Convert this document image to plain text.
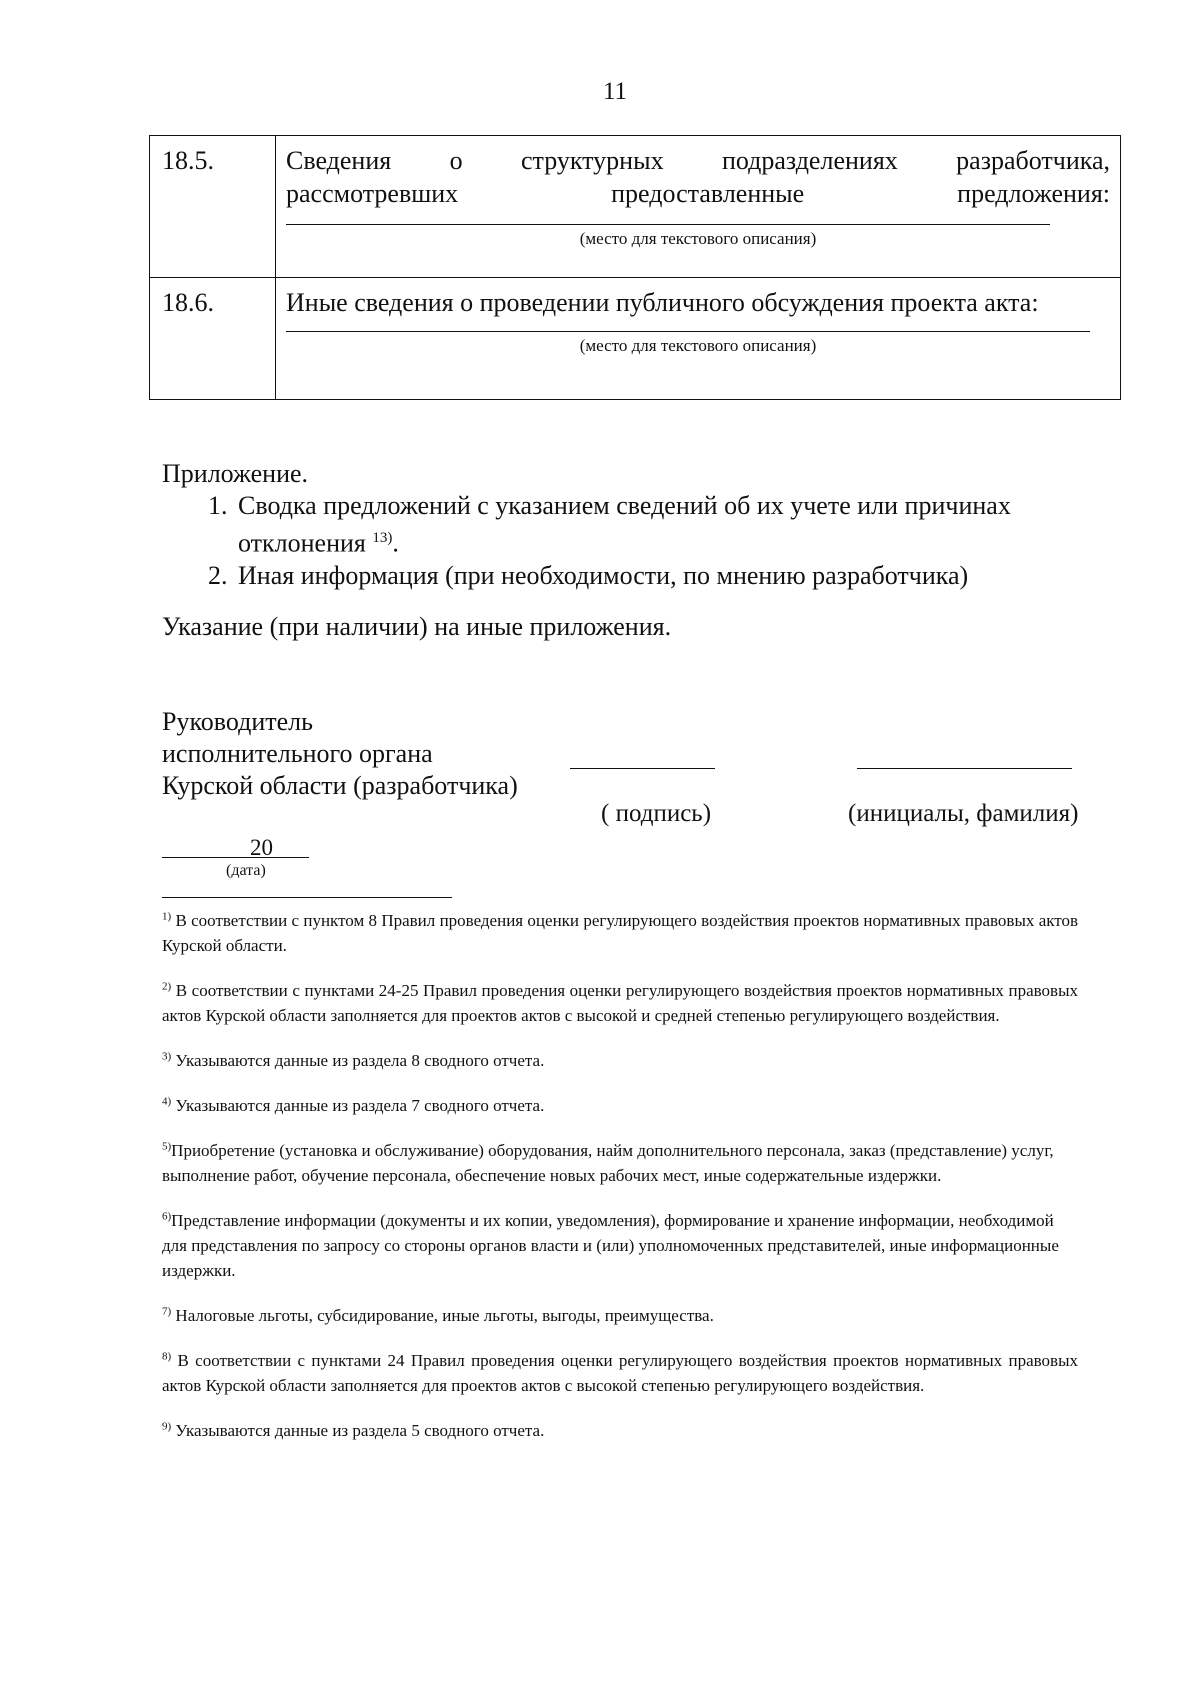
11
18.5.	Сведения о структурных подразделениях разработчика,
рассмотревших предоставленные предложения:
(место для текстового описания)

18.6.	Иные сведения о проведении публичного обсуждения проекта акта:
(место для текстового описания)
Приложение.
1. Сводка предложений с указанием сведений об их учете или причинах отклонения $^{13)}$.
2. Иная информация (при необходимости, по мнению разработчика)
Указание (при наличии) на иные приложения.
Руководитель
исполнительного органа
Курской области (разработчика)
( подпись)	(инициалы, фамилия)
20
(дата)
$^{1)}$ В соответствии с пунктом 8 Правил проведения оценки регулирующего воздействия проектов нормативных правовых актов Курской области.
$^{2)}$ В соответствии с пунктами 24-25 Правил проведения оценки регулирующего воздействия проектов нормативных правовых актов Курской области заполняется для проектов актов с высокой и средней степенью регулирующего воздействия.
$^{3)}$ Указываются данные из раздела 8 сводного отчета.
$^{4)}$ Указываются данные из раздела 7 сводного отчета.
$^{5)}$Приобретение (установка и обслуживание) оборудования, найм дополнительного персонала, заказ (представление) услуг, выполнение работ, обучение персонала, обеспечение новых рабочих мест, иные содержательные издержки.
$^{6)}$Представление информации (документы и их копии, уведомления), формирование и хранение информации, необходимой для представления по запросу со стороны органов власти и (или) уполномоченных представителей, иные информационные издержки.
$^{7)}$ Налоговые льготы, субсидирование, иные льготы, выгоды, преимущества.
$^{8)}$ В соответствии с пунктами 24 Правил проведения оценки регулирующего воздействия проектов нормативных правовых актов Курской области заполняется для проектов актов с высокой степенью регулирующего воздействия.
$^{9)}$ Указываются данные из раздела 5 сводного отчета.
